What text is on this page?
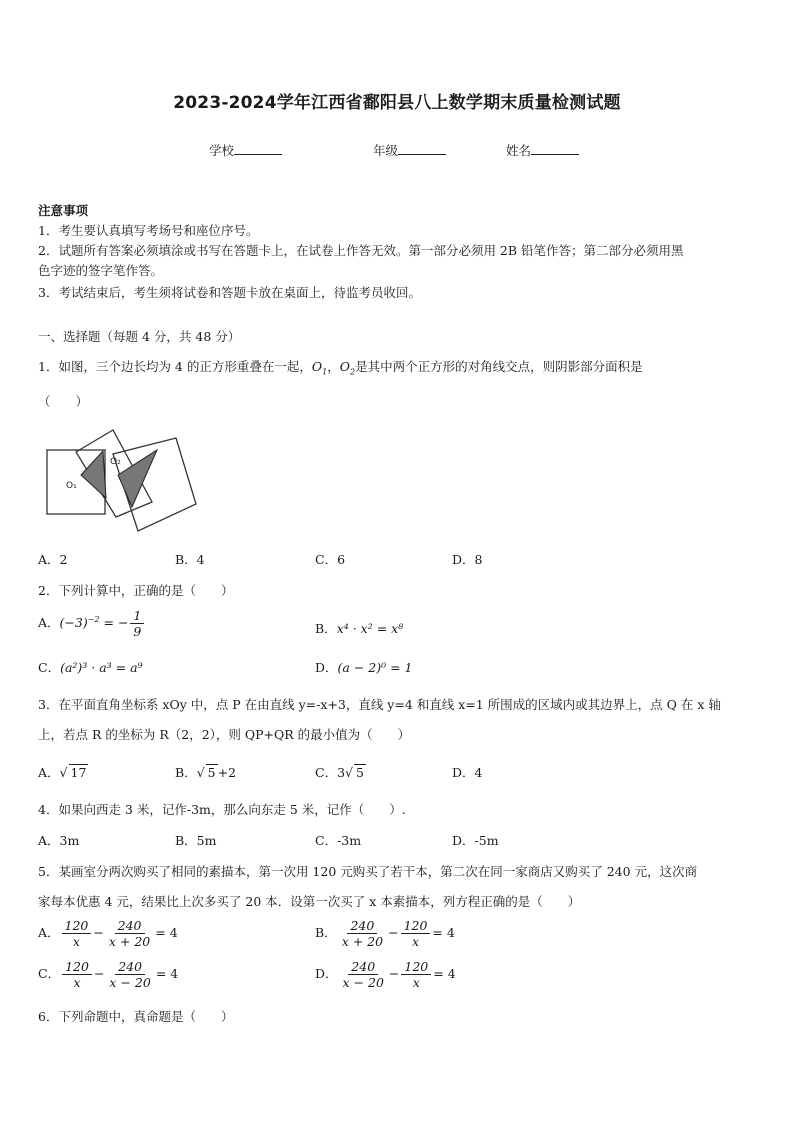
2023-2024学年江西省鄱阳县八上数学期末质量检测试题
学校	年级	姓名
注意事项
1．考生要认真填写考场号和座位序号。
2．试题所有答案必须填涂或书写在答题卡上，在试卷上作答无效。第一部分必须用 2B 铅笔作答；第二部分必须用黑
色字迹的签字笔作答。
3．考试结束后，考生须将试卷和答题卡放在桌面上，待监考员收回。
一、选择题（每题 4 分，共 48 分）
1．如图，三个边长均为 4 的正方形重叠在一起，$O_1$，$O_2$是其中两个正方形的对角线交点，则阴影部分面积是
（　　）
O₁
O₂
A．2	B．4	C．6	D．8
2．下列计算中，正确的是（　　）
A．$(-3)^{-2}$ = − $\frac{1}{9}$	B．x⁴ · x² = x⁸
C．(a²)³ · a³ = a⁹	D．(a − 2)⁰ = 1
3．在平面直角坐标系 xOy 中，点 P 在由直线 y=-x+3，直线 y=4 和直线 x=1 所围成的区域内或其边界上，点 Q 在 x 轴
上，若点 R 的坐标为 R（2，2），则 QP+QR 的最小值为（　　）
A．√ 17	B．√ 5 +2	C．3√ 5	D．4
4．如果向西走 3 米，记作-3m，那么向东走 5 米，记作（　　）.
A．3m	B．5m	C．-3m	D．-5m
5．某画室分两次购买了相同的素描本，第一次用 120 元购买了若干本，第二次在同一家商店又购买了 240 元，这次商
家每本优惠 4 元，结果比上次多买了 20 本．设第一次买了 x 本素描本，列方程正确的是（　　）
A． $\frac{120}{x} - \frac{240}{x + 20} = 4$	B． $\frac{240}{x + 20} - \frac{120}{x} = 4$
C． $\frac{120}{x} - \frac{240}{x - 20} = 4$	D． $\frac{240}{x - 20} - \frac{120}{x} = 4$
6．下列命题中，真命题是（　　）
